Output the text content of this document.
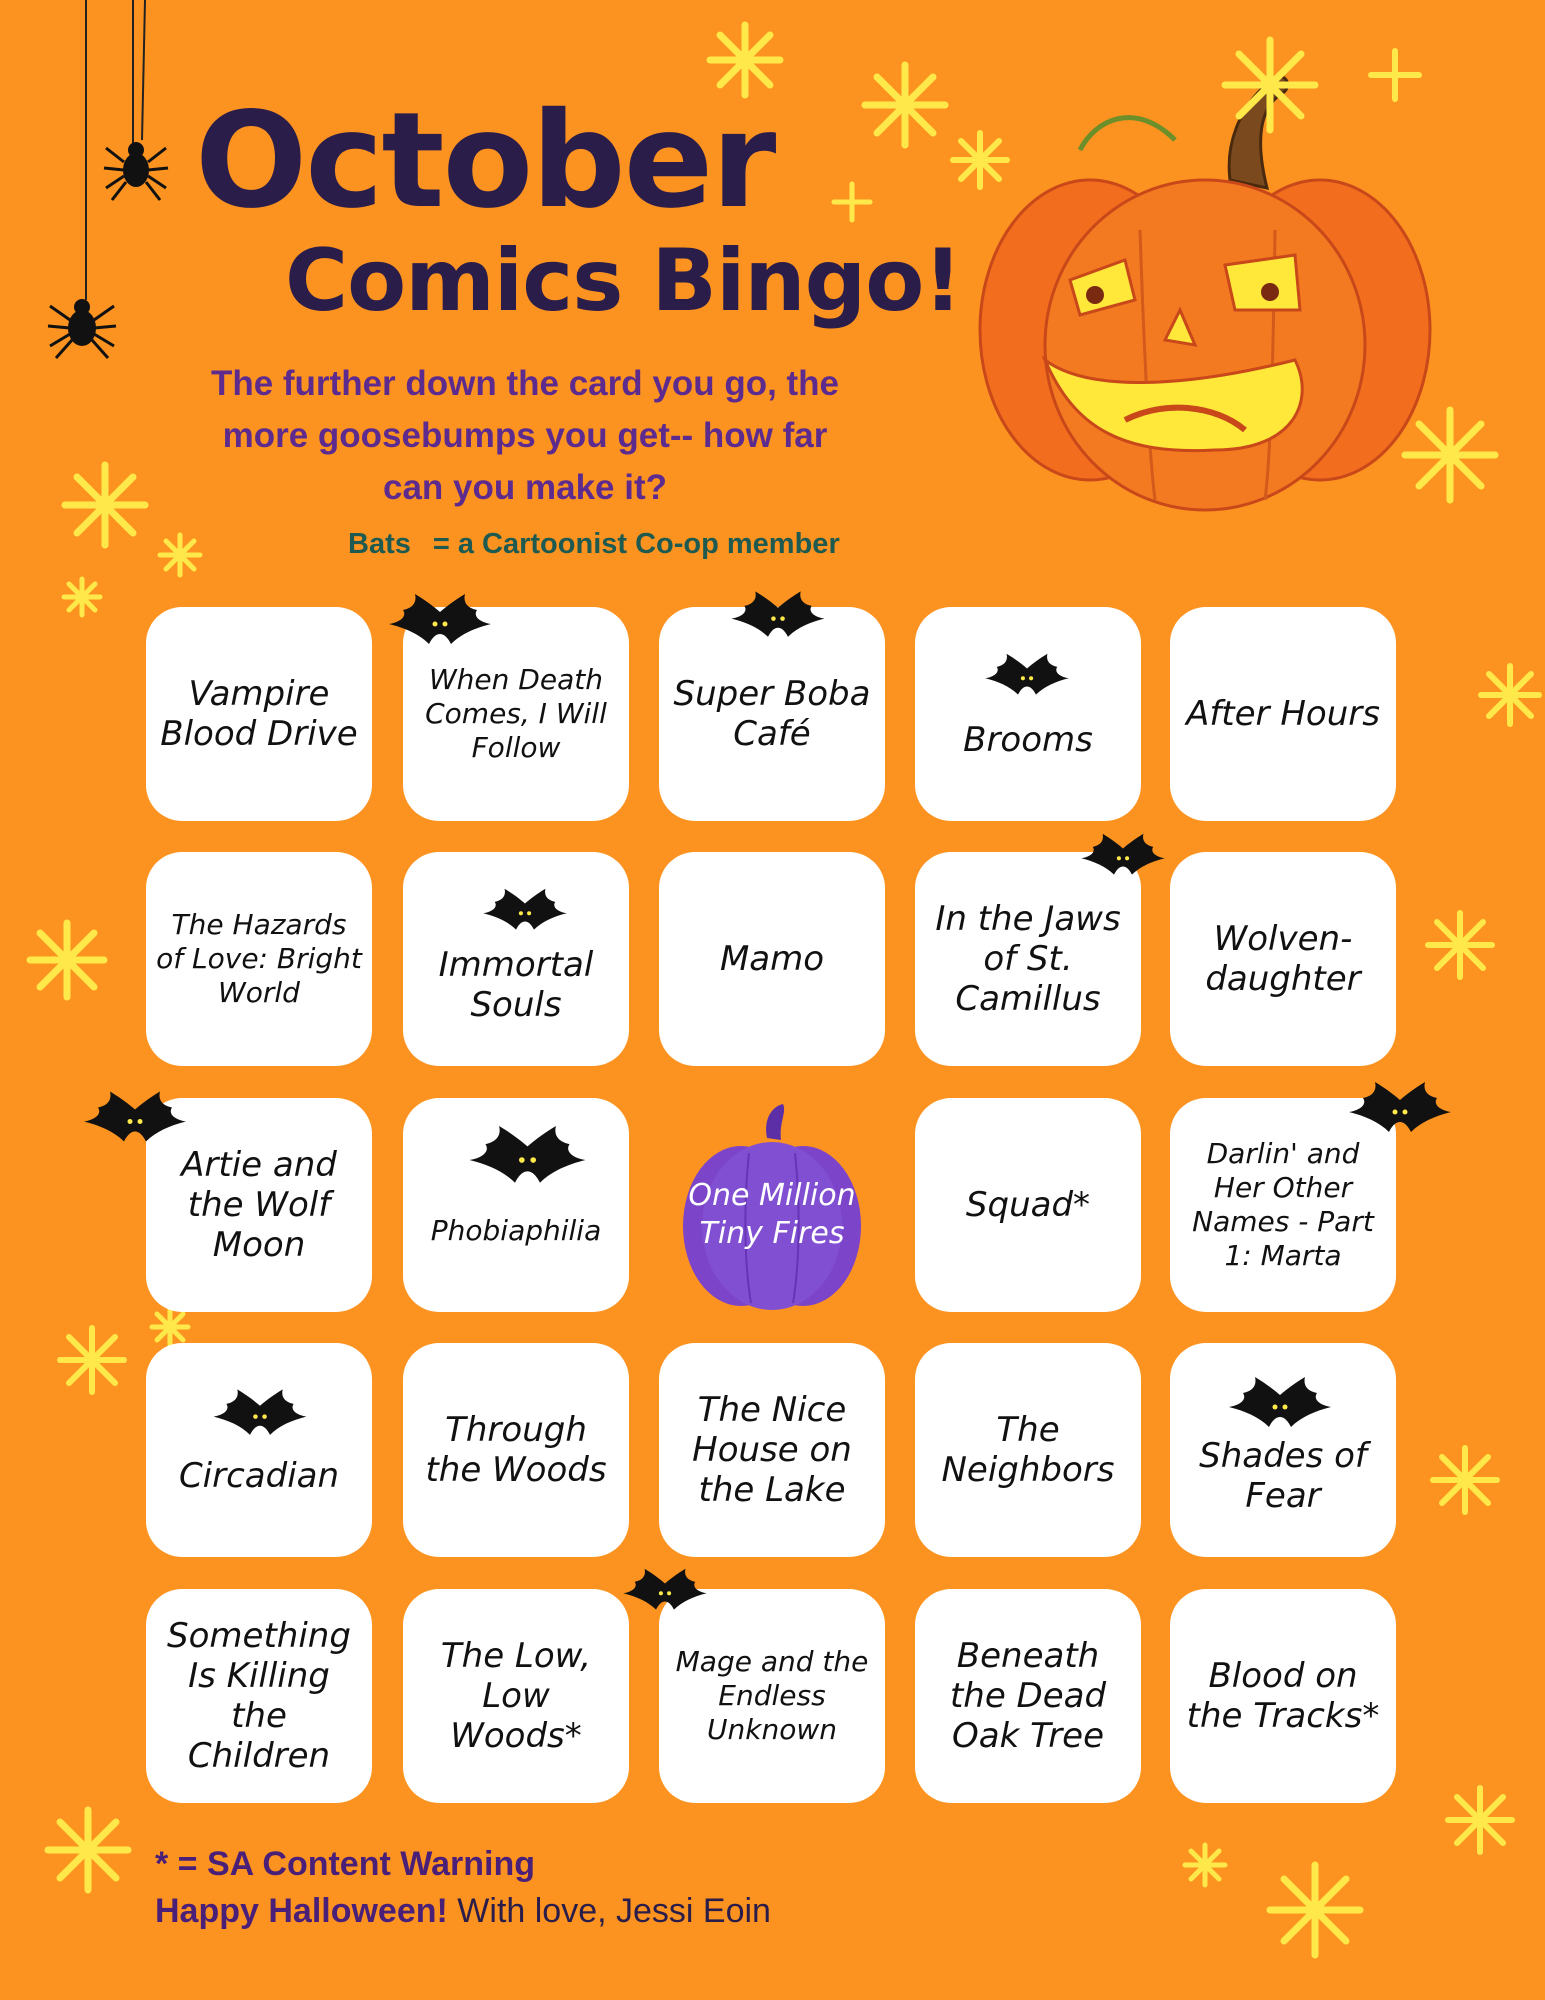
October
Comics Bingo!
The further down the card you go, the more goosebumps you get-- how far can you make it?
Bats = a Cartoonist Co-op member
Vampire Blood Drive
When Death Comes, I Will Follow
Super Boba Café	Brooms
After Hours
The Hazards of Love: Bright World
Immortal Souls
Mamo
In the Jaws of St. Camillus
Wolven-daughter
Artie and the Wolf Moon	Phobiaphilia
One Million Tiny Fires
Squad*
Darlin' and Her Other Names - Part 1: Marta
Circadian
Through the Woods
The Nice House on the Lake
The Neighbors	Shades of Fear
Something Is Killing the Children
The Low, Low Woods*
Mage and the Endless Unknown
Beneath the Dead Oak Tree
Blood on the Tracks*
* = SA Content Warning
Happy Halloween! With love, Jessi Eoin
